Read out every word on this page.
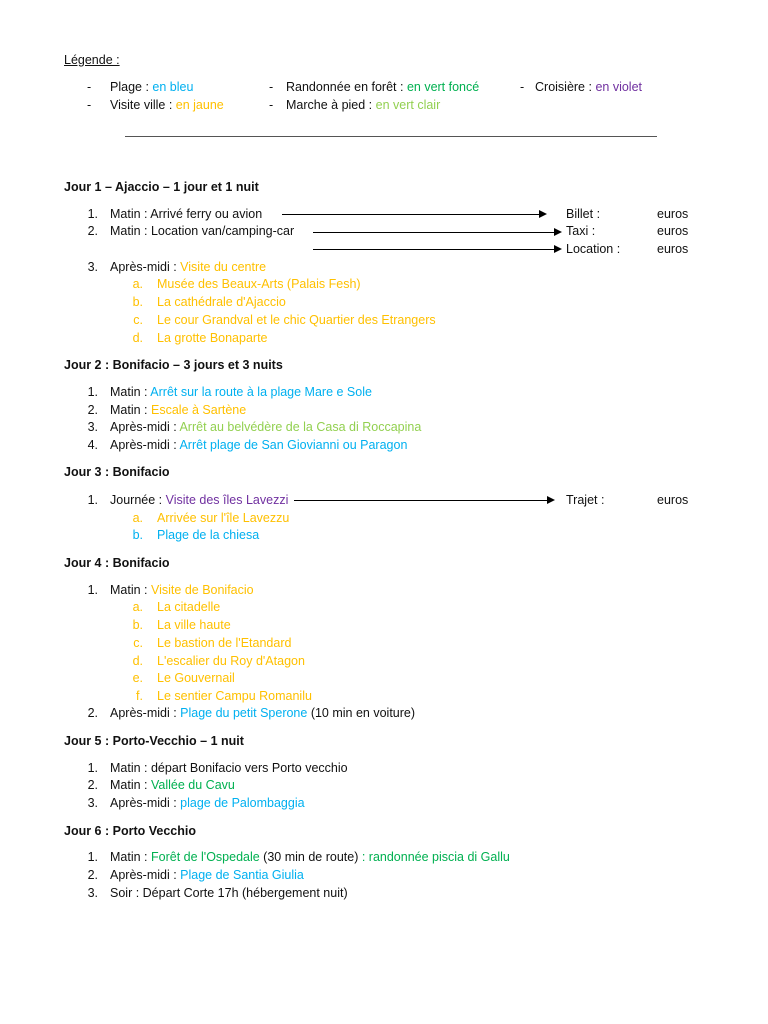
Légende :
- Plage : en bleu
- Visite ville : en jaune
- Randonnée en forêt : en vert foncé
- Marche à pied : en vert clair
- Croisière : en violet
Jour 1 – Ajaccio – 1 jour et 1 nuit
1. Matin : Arrivé ferry ou avion	Billet :	euros
2. Matin : Location van/camping-car	Taxi :	euros
Location :	euros
3. Après-midi : Visite du centre
a. Musée des Beaux-Arts (Palais Fesh)
b. La cathédrale d'Ajaccio
c. Le cour Grandval et le chic Quartier des Etrangers
d. La grotte Bonaparte
Jour 2 : Bonifacio – 3 jours et 3 nuits
1. Matin : Arrêt sur la route à la plage Mare e Sole
2. Matin : Escale à Sartène
3. Après-midi : Arrêt au belvédère de la Casa di Roccapina
4. Après-midi : Arrêt plage de San Giovianni ou Paragon
Jour 3 : Bonifacio
1. Journée : Visite des îles Lavezzi	Trajet :	euros
a. Arrivée sur l'île Lavezzu
b. Plage de la chiesa
Jour 4 : Bonifacio
1. Matin : Visite de Bonifacio
a. La citadelle
b. La ville haute
c. Le bastion de l'Etandard
d. L'escalier du Roy d'Atagon
e. Le Gouvernail
f. Le sentier Campu Romanilu
2. Après-midi : Plage du petit Sperone (10 min en voiture)
Jour 5 : Porto-Vecchio – 1 nuit
1. Matin : départ Bonifacio vers Porto vecchio
2. Matin : Vallée du Cavu
3. Après-midi : plage de Palombaggia
Jour 6 : Porto Vecchio
1. Matin : Forêt de l'Ospedale (30 min de route) : randonnée piscia di Gallu
2. Après-midi : Plage de Santia Giulia
3. Soir : Départ Corte 17h (hébergement nuit)
